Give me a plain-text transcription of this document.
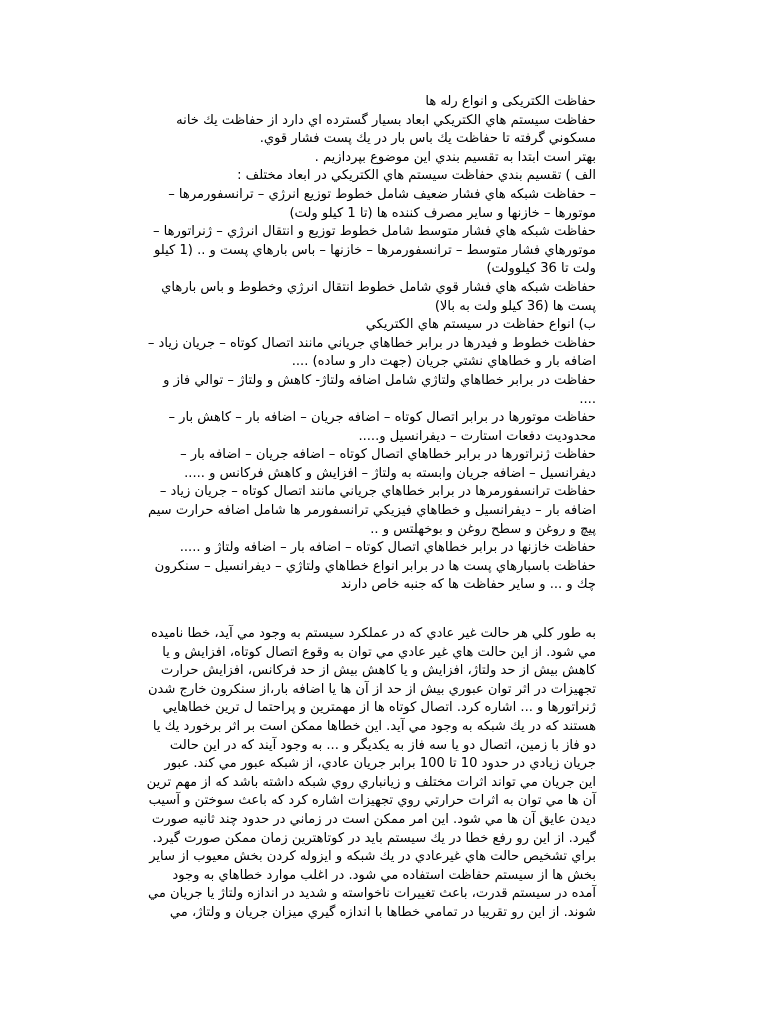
حفاظت الکتریکی و انواع رله ها
حفاظت سيستم هاي الكتريكي ابعاد بسيار گسترده اي دارد از حفاظت يك خانه
مسكوني گرفته تا حفاظت يك باس بار در يك پست فشار قوي.
بهتر است ابتدا به تقسيم بندي اين موضوع بپردازيم .
الف ) تقسيم بندي حفاظت سيستم هاي الكتريكي در ابعاد مختلف :
– حفاظت شبكه هاي فشار ضعيف شامل خطوط توزيع انرژي – ترانسفورمرها –
موتورها – خازنها و ساير مصرف كننده ها (تا 1 كيلو ولت)
حفاظت شبكه هاي فشار متوسط شامل خطوط توزيع و انتقال انرژي – ژنراتورها –
موتورهاي فشار متوسط – ترانسفورمرها – خازنها – باس بارهاي پست و .. (1 كيلو
ولت تا 36 كيلوولت)
حفاظت شبكه هاي فشار قوي شامل خطوط انتقال انرژي وخطوط و باس بارهاي
پست ها (36 كيلو ولت به بالا)
ب) انواع حفاظت در سيستم هاي الكتريكي
حفاظت خطوط و فيدرها در برابر خطاهاي جرياني مانند اتصال كوتاه – جريان زياد –
اضافه بار و خطاهاي نشتي جريان (جهت دار و ساده) ....
حفاظت در برابر خطاهاي ولتاژي شامل اضافه ولتاژ- كاهش و ولتاژ – توالي فاز و
....
حفاظت موتورها در برابر اتصال كوتاه – اضافه جريان – اضافه بار – كاهش بار –
محدوديت دفعات استارت – ديفرانسيل و.....
حفاظت ژنراتورها در برابر خطاهاي اتصال كوتاه – اضافه جريان – اضافه بار –
ديفرانسيل – اضافه جريان وابسته به ولتاژ – افزايش و كاهش فركانس و .....
حفاظت ترانسفورمرها در برابر خطاهاي جرياني مانند اتصال كوتاه – جريان زياد –
اضافه بار – ديفرانسيل و خطاهاي فيزيكي ترانسفورمر ها شامل اضافه حرارت سيم
پيچ و روغن و سطح روغن و بوخهلتس و ..
حفاظت خازنها در برابر خطاهاي اتصال كوتاه – اضافه بار – اضافه ولتاژ و .....
حفاظت باسبارهاي پست ها در برابر انواع خطاهاي ولتاژي – ديفرانسيل – سنكرون
چك و ... و ساير حفاظت ها كه جنبه خاص دارند
به طور كلي هر حالت غير عادي كه در عملكرد سيستم به وجود مي آيد، خطا ناميده
مي شود. از اين حالت هاي غير عادي مي توان به وقوع اتصال كوتاه، افزايش و يا
كاهش بيش از حد ولتاژ، افزايش و يا كاهش بيش از حد فركانس، افزايش حرارت
تجهيزات در اثر توان عبوري بيش از حد از آن ها يا اضافه بار،از سنكرون خارج شدن
ژنراتورها و ... اشاره كرد. اتصال كوتاه ها از مهمترين و پراحتما ل ترين خطاهايي
هستند كه در يك شبكه به وجود مي آيد. اين خطاها ممكن است بر اثر برخورد يك يا
دو فاز با زمين، اتصال دو يا سه فاز به يكديگر و ... به وجود آيند كه در اين حالت
جريان زيادي در حدود 10 تا 100 برابر جريان عادي، از شبكه عبور مي كند. عبور
اين جريان مي تواند اثرات مختلف و زيانباري روي شبكه داشته باشد كه از مهم ترين
آن ها مي توان به اثرات حرارتي روي تجهيزات اشاره كرد كه باعث سوختن و آسيب
ديدن عايق آن ها مي شود. اين امر ممكن است در زماني در حدود چند ثانيه صورت
گيرد. از اين رو رفع خطا در يك سيستم بايد در كوتاهترين زمان ممكن صورت گيرد.
براي تشخيص حالت هاي غيرعادي در يك شبكه و ايزوله كردن بخش معيوب از ساير
بخش ها از سيستم حفاظت استفاده مي شود. در اغلب موارد خطاهاي به وجود
آمده در سيستم قدرت، باعث تغييرات ناخواسته و شديد در اندازه ولتاژ يا جريان مي
شوند. از اين رو تقريبا در تمامي خطاها با اندازه گيري ميزان جريان و ولتاژ، مي
